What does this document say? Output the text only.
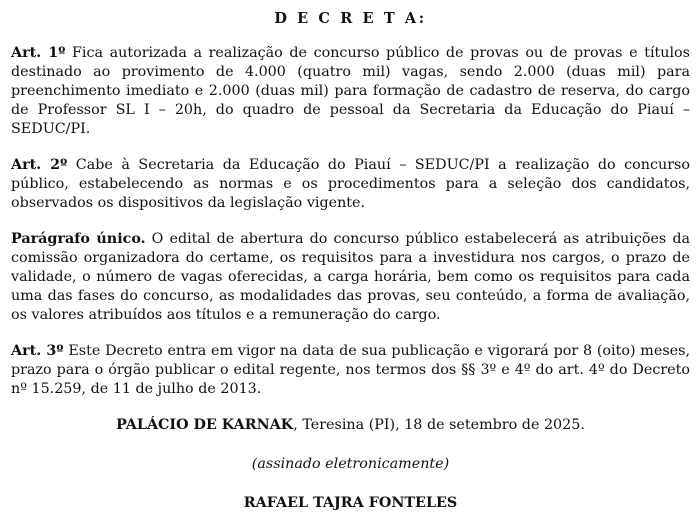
D E C R E T A:

Art. 1º Fica autorizada a realização de concurso público de provas ou de provas e títulos destinado ao provimento de 4.000 (quatro mil) vagas, sendo 2.000 (duas mil) para preenchimento imediato e 2.000 (duas mil) para formação de cadastro de reserva, do cargo de Professor SL I – 20h, do quadro de pessoal da Secretaria da Educação do Piauí – SEDUC/PI.

Art. 2º Cabe à Secretaria da Educação do Piauí – SEDUC/PI a realização do concurso público, estabelecendo as normas e os procedimentos para a seleção dos candidatos, observados os dispositivos da legislação vigente.

Parágrafo único. O edital de abertura do concurso público estabelecerá as atribuições da comissão organizadora do certame, os requisitos para a investidura nos cargos, o prazo de validade, o número de vagas oferecidas, a carga horária, bem como os requisitos para cada uma das fases do concurso, as modalidades das provas, seu conteúdo, a forma de avaliação, os valores atribuídos aos títulos e a remuneração do cargo.

Art. 3º Este Decreto entra em vigor na data de sua publicação e vigorará por 8 (oito) meses, prazo para o órgão publicar o edital regente, nos termos dos §§ 3º e 4º do art. 4º do Decreto nº 15.259, de 11 de julho de 2013.

PALÁCIO DE KARNAK, Teresina (PI), 18 de setembro de 2025.

(assinado eletronicamente)

RAFAEL TAJRA FONTELES
